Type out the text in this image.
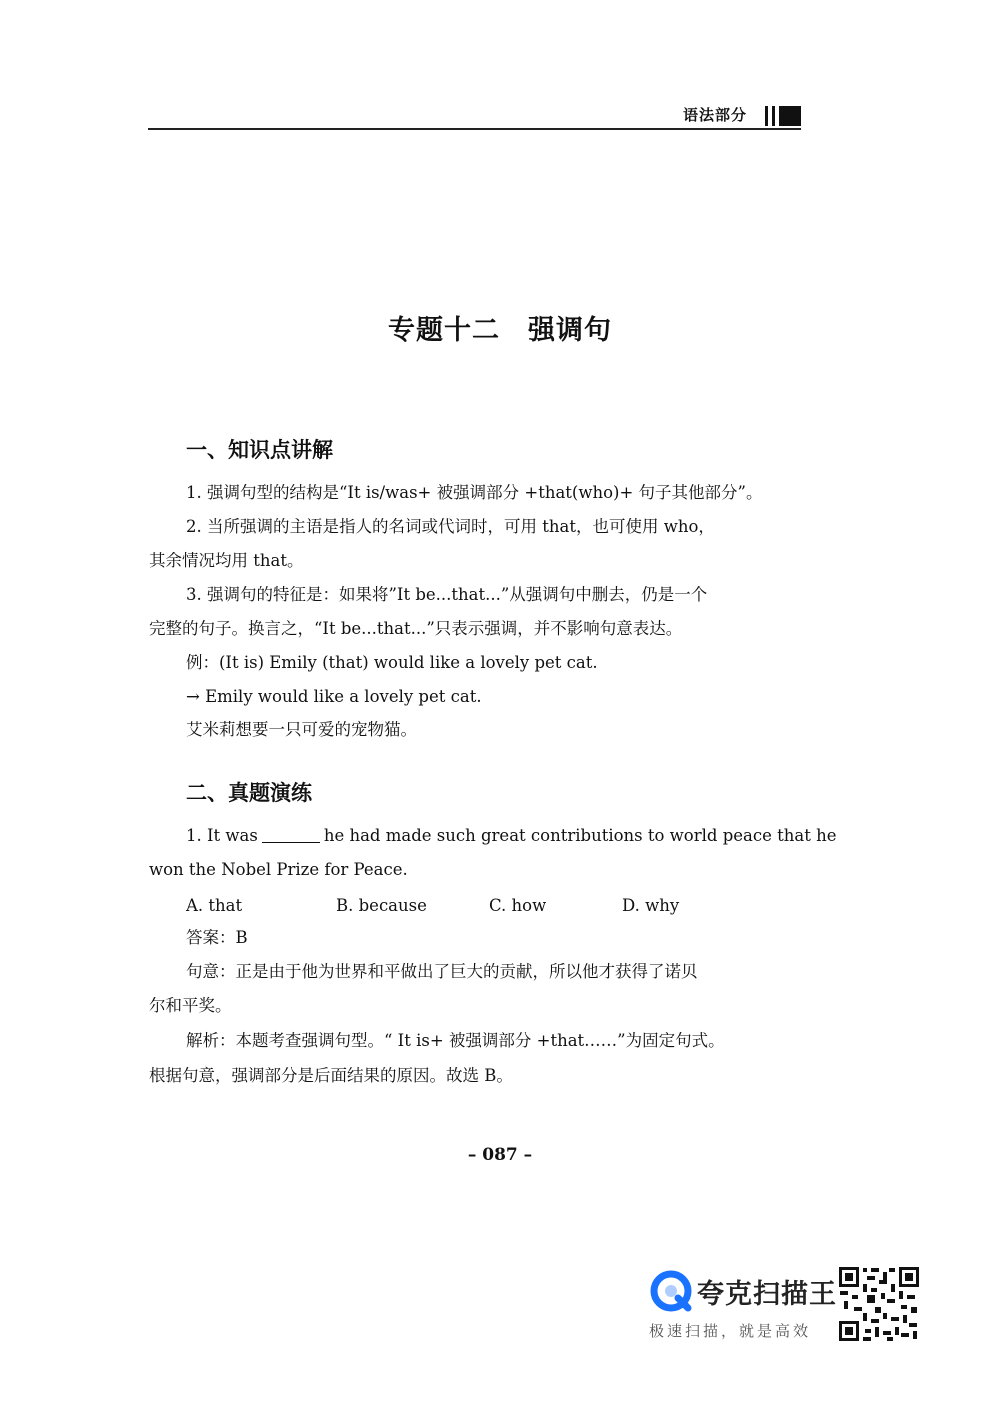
语法部分
专题十二　强调句
一、知识点讲解
1. 强调句型的结构是“It is/was+ 被强调部分 +that(who)+ 句子其他部分”。
2. 当所强调的主语是指人的名词或代词时，可用 that，也可使用 who，
其余情况均用 that。
3. 强调句的特征是：如果将”It be...that...”从强调句中删去，仍是一个
完整的句子。换言之，“It be...that...”只表示强调，并不影响句意表达。
例：(It is) Emily (that) would like a lovely pet cat.
→ Emily would like a lovely pet cat.
艾米莉想要一只可爱的宠物猫。
二、真题演练
1. It was	he had made such great contributions to world peace that he
won the Nobel Prize for Peace.
A. that	B. because	C. how	D. why
答案：B
句意：正是由于他为世界和平做出了巨大的贡献，所以他才获得了诺贝
尔和平奖。
解析：本题考查强调句型。“ It is+ 被强调部分 +that……”为固定句式。
根据句意，强调部分是后面结果的原因。故选 B。
– 087 –
夸克扫描王
极速扫描，就是高效
